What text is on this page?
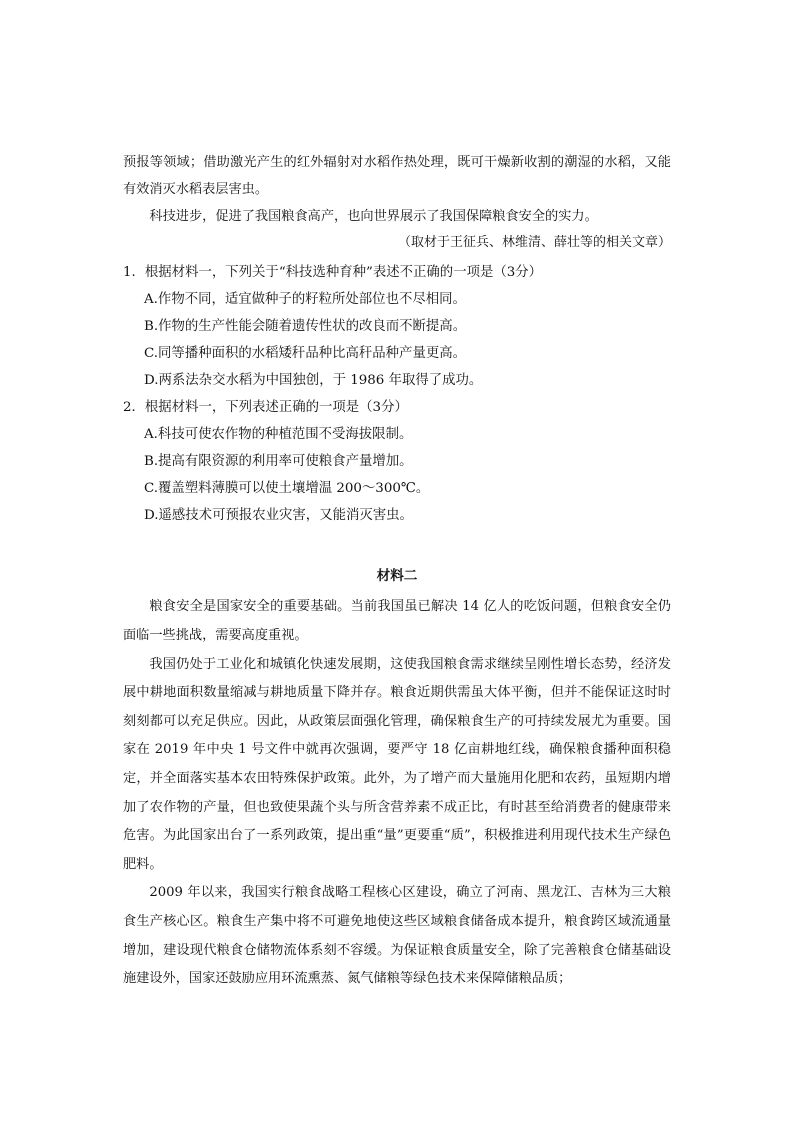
预报等领域；借助激光产生的红外辐射对水稻作热处理，既可干燥新收割的潮湿的水稻，又能有效消灭水稻表层害虫。

科技进步，促进了我国粮食高产，也向世界展示了我国保障粮食安全的实力。

（取材于王征兵、林维清、薛壮等的相关文章）

1．根据材料一，下列关于“科技选种育种”表述不正确的一项是（3分）

A.作物不同，适宜做种子的籽粒所处部位也不尽相同。

B.作物的生产性能会随着遗传性状的改良而不断提高。

C.同等播种面积的水稻矮秆品种比高秆品种产量更高。

D.两系法杂交水稻为中国独创，于 1986 年取得了成功。

2．根据材料一，下列表述正确的一项是（3分）

A.科技可使农作物的种植范围不受海拔限制。

B.提高有限资源的利用率可使粮食产量增加。

C.覆盖塑料薄膜可以使土壤增温 200～300℃。

D.遥感技术可预报农业灾害，又能消灭害虫。

材料二

粮食安全是国家安全的重要基础。当前我国虽已解决 14 亿人的吃饭问题，但粮食安全仍面临一些挑战，需要高度重视。

我国仍处于工业化和城镇化快速发展期，这使我国粮食需求继续呈刚性增长态势，经济发展中耕地面积数量缩减与耕地质量下降并存。粮食近期供需虽大体平衡，但并不能保证这时时刻刻都可以充足供应。因此，从政策层面强化管理，确保粮食生产的可持续发展尤为重要。国家在 2019 年中央 1 号文件中就再次强调，要严守 18 亿亩耕地红线，确保粮食播种面积稳定，并全面落实基本农田特殊保护政策。此外，为了增产而大量施用化肥和农药，虽短期内增加了农作物的产量，但也致使果蔬个头与所含营养素不成正比，有时甚至给消费者的健康带来危害。为此国家出台了一系列政策，提出重“量”更要重“质”，积极推进利用现代技术生产绿色肥料。

2009 年以来，我国实行粮食战略工程核心区建设，确立了河南、黑龙江、吉林为三大粮食生产核心区。粮食生产集中将不可避免地使这些区域粮食储备成本提升，粮食跨区域流通量增加，建设现代粮食仓储物流体系刻不容缓。为保证粮食质量安全，除了完善粮食仓储基础设施建设外，国家还鼓励应用环流熏蒸、氮气储粮等绿色技术来保障储粮品质；
